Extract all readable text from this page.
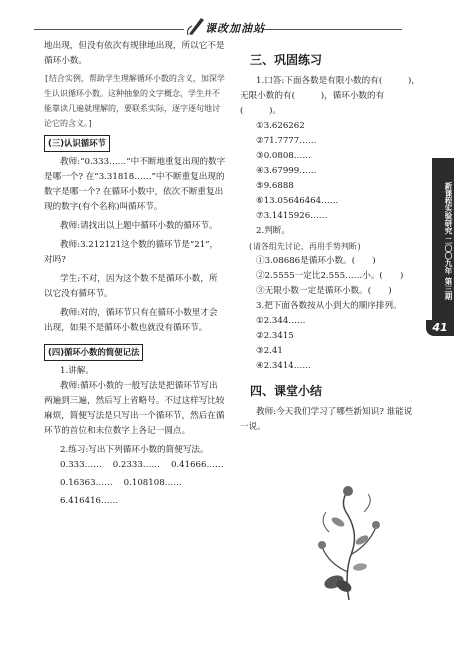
课改加油站

地出现，但没有依次有规律地出现，所以它不是循环小数。

[结合实例，帮助学生理解循环小数的含义，加深学生认识循环小数。这种抽象的文字概念，学生并不能靠读几遍就理解的，要联系实际，逐字逐句地讨论它的含义。]

(三)认识循环节

教师:“0.333……”中不断地重复出现的数字是哪一个? 在“3.31818……”中不断重复出现的数字是哪一个? 在循环小数中，依次不断重复出现的数字(有个名称)叫循环节。

教师:请找出以上题中循环小数的循环节。

教师:3.212121这个数的循环节是“21”，对吗?

学生:不对，因为这个数不是循环小数，所以它没有循环节。

教师:对的，循环节只有在循环小数里才会出现，如果不是循环小数也就没有循环节。

(四)循环小数的简便记法

1.讲解。

教师:循环小数的一般写法是把循环节写出两遍到三遍，然后写上省略号。不过这样写比较麻烦，简便写法是只写出一个循环节，然后在循环节的首位和末位数字上各记一圆点。

2.练习:写出下列循环小数的简便写法。

0.333…… 0.2333…… 0.41666……

0.16363…… 0.108108……

6.416416……

三、巩固练习

1.口答:下面各数是有限小数的有(　　　)，无限小数的有(　　　)，循环小数的有(　　　)。

①3.626262

②71.7777……

③0.0808……

④3.67999……

⑤9.6888

⑥13.05646464……

⑦3.1415926……

2.判断。

(请各组先讨论，再用手势判断)

①3.08686是循环小数。(　　)

②2.5555一定比2.555……小。(　　)

③无限小数一定是循环小数。(　　)

3.把下面各数按从小到大的顺序排列。

①2.344……

②2.3415

③2.41

④2.3414……

四、课堂小结

教师:今天我们学习了哪些新知识? 谁能说一说。

新课程实验研究 二〇〇九年 第三期
41
